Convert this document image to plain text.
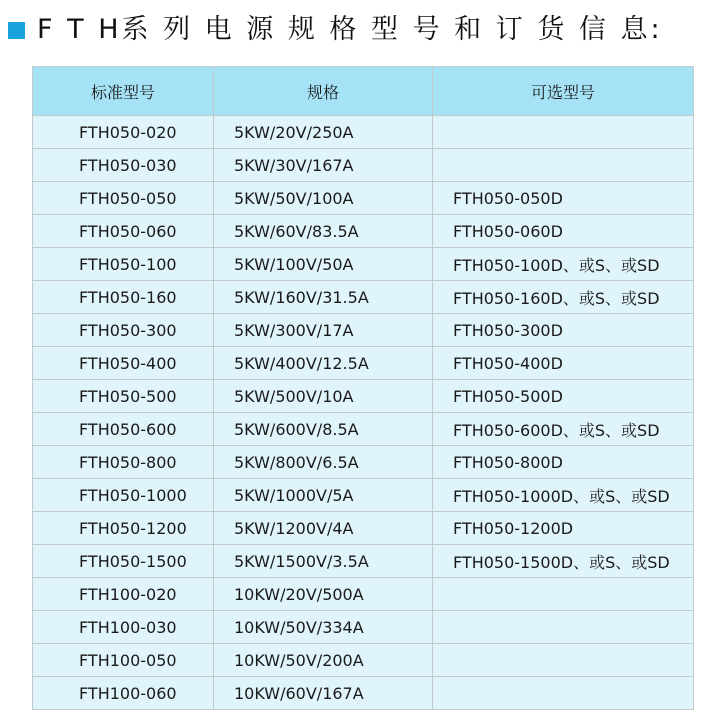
F T H系 列 电 源 规 格 型 号 和 订 货 信 息:
标准型号	规格	可选型号
FTH050-020	5KW/20V/250A	
FTH050-030	5KW/30V/167A	
FTH050-050	5KW/50V/100A	FTH050-050D
FTH050-060	5KW/60V/83.5A	FTH050-060D
FTH050-100	5KW/100V/50A	FTH050-100D、或S、或SD
FTH050-160	5KW/160V/31.5A	FTH050-160D、或S、或SD
FTH050-300	5KW/300V/17A	FTH050-300D
FTH050-400	5KW/400V/12.5A	FTH050-400D
FTH050-500	5KW/500V/10A	FTH050-500D
FTH050-600	5KW/600V/8.5A	FTH050-600D、或S、或SD
FTH050-800	5KW/800V/6.5A	FTH050-800D
FTH050-1000	5KW/1000V/5A	FTH050-1000D、或S、或SD
FTH050-1200	5KW/1200V/4A	FTH050-1200D
FTH050-1500	5KW/1500V/3.5A	FTH050-1500D、或S、或SD
FTH100-020	10KW/20V/500A	
FTH100-030	10KW/50V/334A	
FTH100-050	10KW/50V/200A	
FTH100-060	10KW/60V/167A	
